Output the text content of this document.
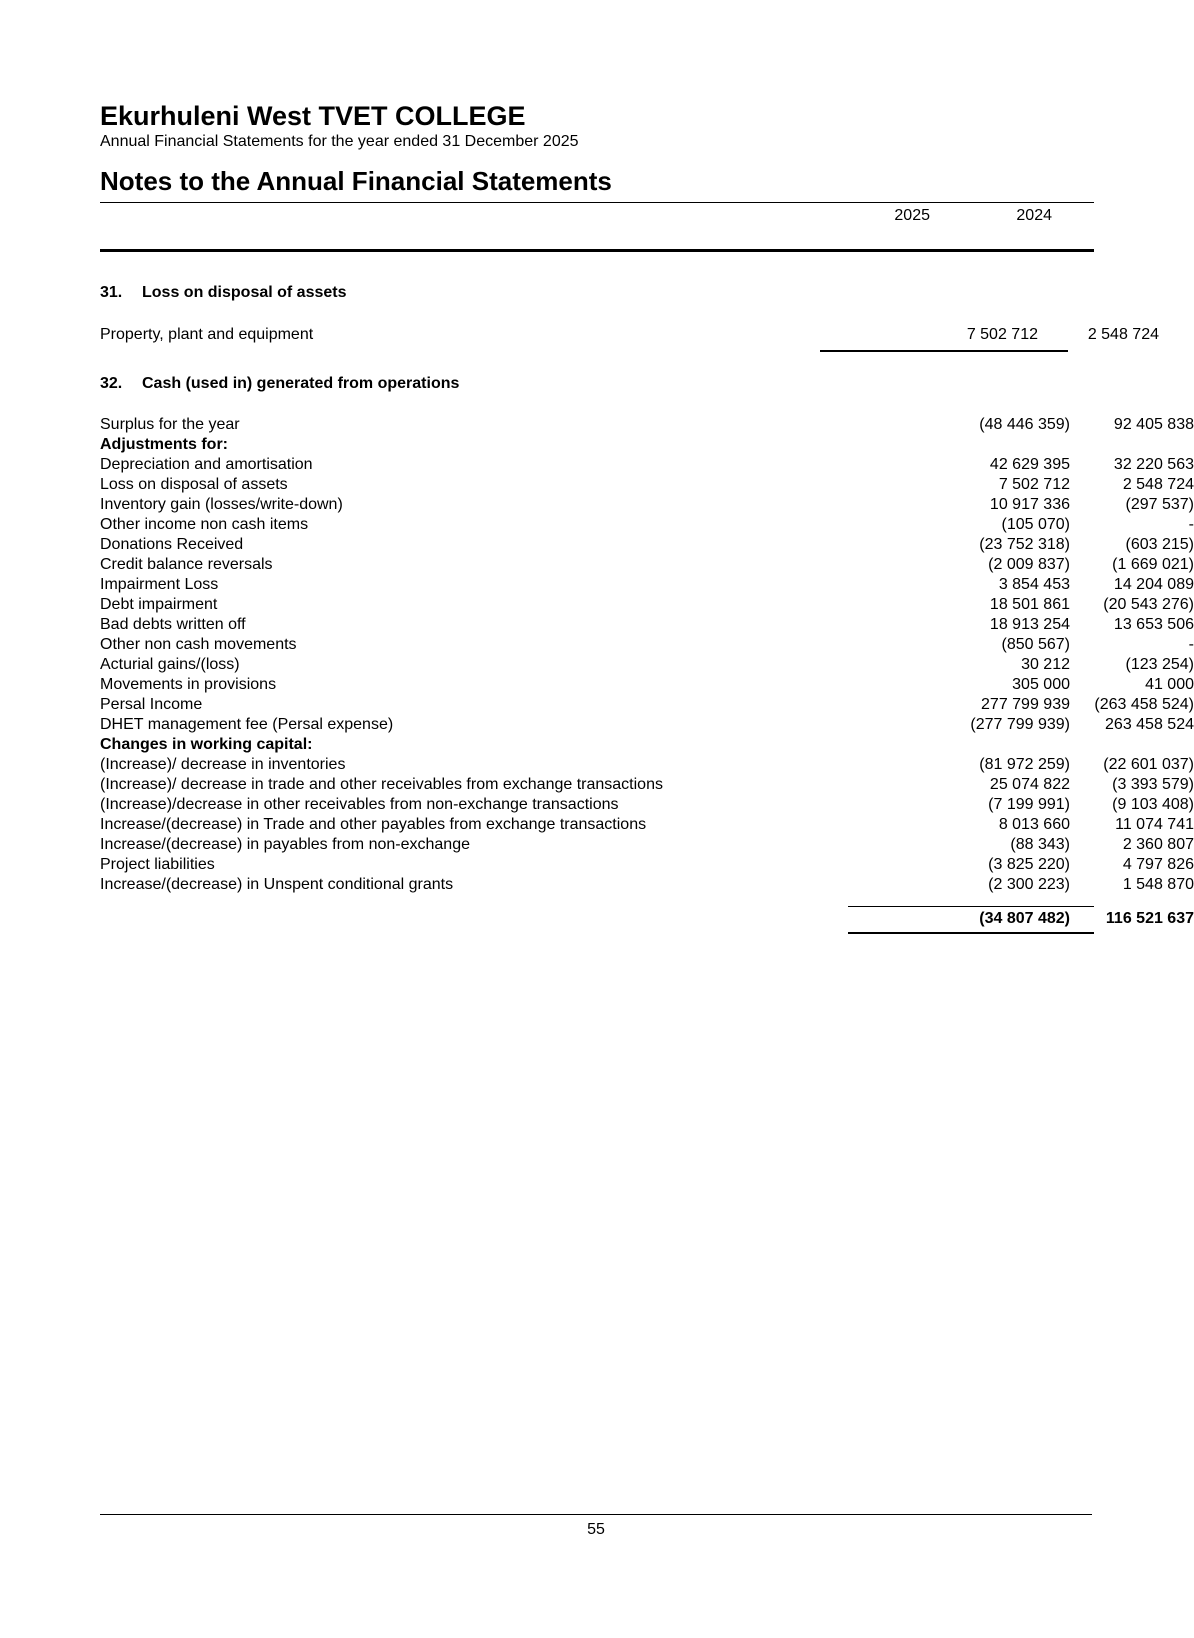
Ekurhuleni West TVET COLLEGE
Annual Financial Statements for the year ended 31 December 2025
Notes to the Annual Financial Statements
2025	2024
31. Loss on disposal of assets
Property, plant and equipment	7 502 712	2 548 724
32. Cash (used in) generated from operations
Surplus for the year	(48 446 359)	92 405 838
Adjustments for:
Depreciation and amortisation	42 629 395	32 220 563
Loss on disposal of assets	7 502 712	2 548 724
Inventory gain (losses/write-down)	10 917 336	(297 537)
Other income non cash items	(105 070)	-
Donations Received	(23 752 318)	(603 215)
Credit balance reversals	(2 009 837)	(1 669 021)
Impairment Loss	3 854 453	14 204 089
Debt impairment	18 501 861	(20 543 276)
Bad debts written off	18 913 254	13 653 506
Other non cash movements	(850 567)	-
Acturial gains/(loss)	30 212	(123 254)
Movements in provisions	305 000	41 000
Persal Income	277 799 939	(263 458 524)
DHET management fee (Persal expense)	(277 799 939)	263 458 524
Changes in working capital:
(Increase)/ decrease in inventories	(81 972 259)	(22 601 037)
(Increase)/ decrease in trade and other receivables from exchange transactions	25 074 822	(3 393 579)
(Increase)/decrease in other receivables from non-exchange transactions	(7 199 991)	(9 103 408)
Increase/(decrease) in Trade and other payables from exchange transactions	8 013 660	11 074 741
Increase/(decrease) in payables from non-exchange	(88 343)	2 360 807
Project liabilities	(3 825 220)	4 797 826
Increase/(decrease) in Unspent conditional grants	(2 300 223)	1 548 870
(34 807 482)	116 521 637
55
